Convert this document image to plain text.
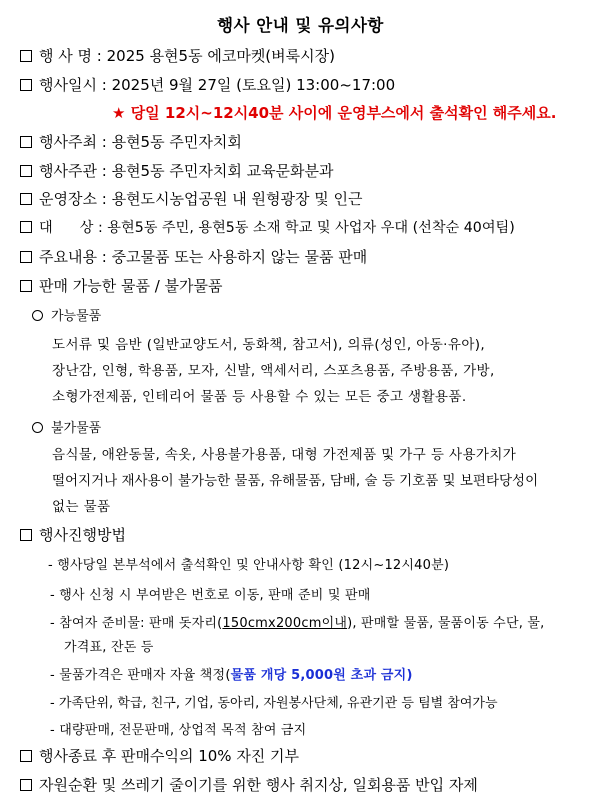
행사 안내 및 유의사항
행 사 명 : 2025 용현5동 에코마켓(벼룩시장)
행사일시 : 2025년 9월 27일 (토요일) 13:00~17:00
★ 당일 12시~12시40분 사이에 운영부스에서 출석확인 해주세요.
행사주최 : 용현5동 주민자치회
행사주관 : 용현5동 주민자치회 교육문화분과
운영장소 : 용현도시농업공원 내 원형광장 및 인근
대      상 : 용현5동 주민, 용현5동 소재 학교 및 사업자 우대 (선착순 40여팀)
주요내용 : 중고물품 또는 사용하지 않는 물품 판매
판매 가능한 물품 / 불가물품
가능물품
도서류 및 음반 (일반교양도서, 동화책, 참고서), 의류(성인, 아동·유아),
장난감, 인형, 학용품, 모자, 신발, 액세서리, 스포츠용품, 주방용품, 가방,
소형가전제품, 인테리어 물품 등 사용할 수 있는 모든 중고 생활용품.
불가물품
음식물, 애완동물, 속옷, 사용불가용품, 대형 가전제품 및 가구 등 사용가치가
떨어지거나 재사용이 불가능한 물품, 유해물품, 담배, 술 등 기호품 및 보편타당성이
없는 물품
행사진행방법
- 행사당일 본부석에서 출석확인 및 안내사항 확인 (12시~12시40분)
- 행사 신청 시 부여받은 번호로 이동, 판매 준비 및 판매
- 참여자 준비물: 판매 돗자리(150cmx200cm이내), 판매할 물품, 물품이동 수단, 물,
가격표, 잔돈 등
- 물품가격은 판매자 자율 책정(물품 개당 5,000원 초과 금지)
- 가족단위, 학급, 친구, 기업, 동아리, 자원봉사단체, 유관기관 등 팀별 참여가능
- 대량판매, 전문판매, 상업적 목적 참여 금지
행사종료 후 판매수익의 10% 자진 기부
자원순환 및 쓰레기 줄이기를 위한 행사 취지상, 일회용품 반입 자제
